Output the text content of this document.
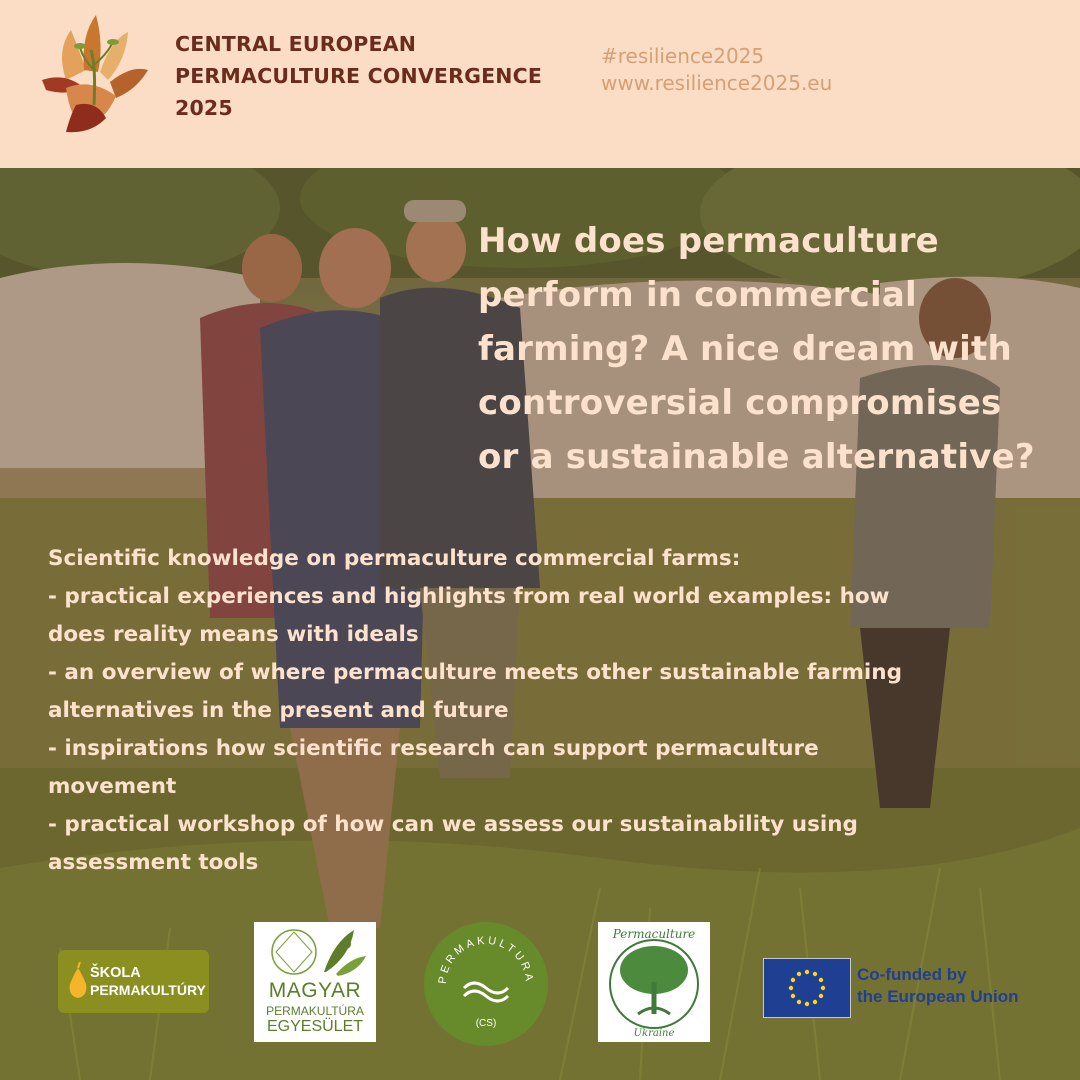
CENTRAL EUROPEAN
PERMACULTURE CONVERGENCE
2025
#resilience2025
www.resilience2025.eu
How does permaculture
perform in commercial
farming? A nice dream with
controversial compromises
or a sustainable alternative?
Scientific knowledge on permaculture commercial farms:
- practical experiences and highlights from real world examples: how
does reality means with ideals
- an overview of where permaculture meets other sustainable farming
alternatives in the present and future
- inspirations how scientific research can support permaculture
movement
- practical workshop of how can we assess our sustainability using
assessment tools
ŠKOLA
PERMAKULTÚRY	MAGYAR
PERMAKULTÚRA
EGYESÜLET
PERMAKULTURA
(CS)
Permaculture
Ukraine
Co-funded by
the European Union
